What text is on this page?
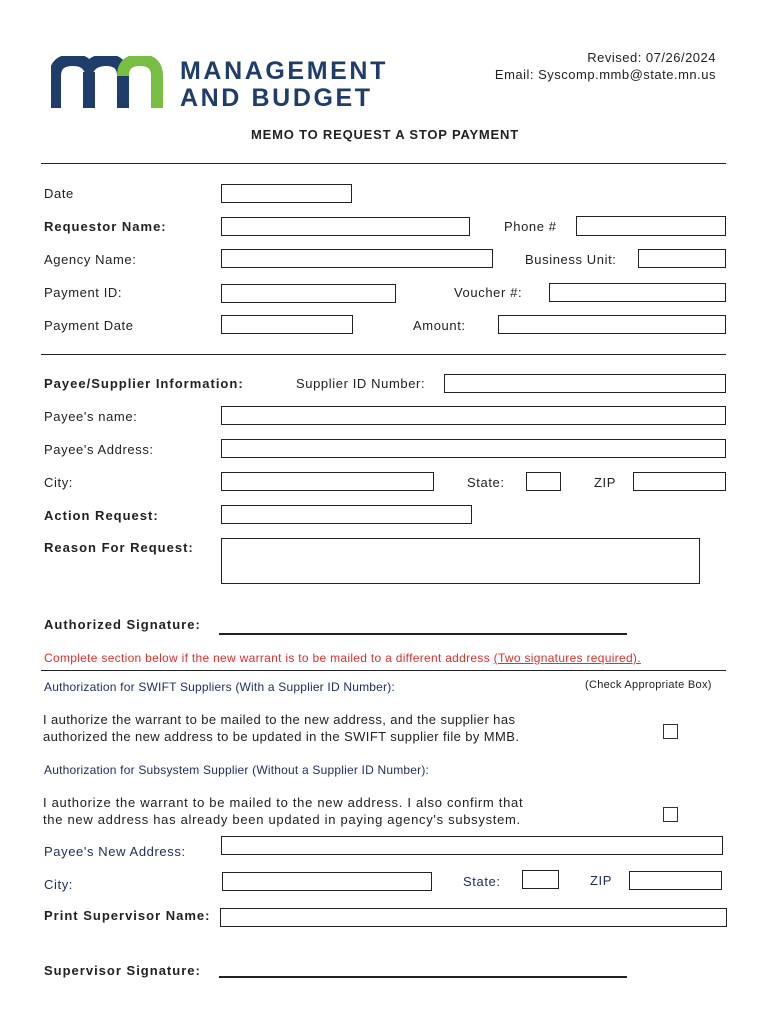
MANAGEMENT
AND BUDGET
Revised: 07/26/2024
Email: Syscomp.mmb@state.mn.us
MEMO TO REQUEST A STOP PAYMENT
Date
Requestor Name:	Phone #
Agency Name:	Business Unit:
Payment ID:	Voucher #:
Payment Date	Amount:
Payee/Supplier Information:	Supplier ID Number:
Payee's name:
Payee's Address:
City:	State:	ZIP
Action Request:
Reason For Request:
Authorized Signature:
Complete section below if the new warrant is to be mailed to a different address (Two signatures required).
Authorization for SWIFT Suppliers (With a Supplier ID Number):	(Check Appropriate Box)
I authorize the warrant to be mailed to the new address, and the supplier has
authorized the new address to be updated in the SWIFT supplier file by MMB.
Authorization for Subsystem Supplier (Without a Supplier ID Number):
I authorize the warrant to be mailed to the new address. I also confirm that
the new address has already been updated in paying agency's subsystem.
Payee's New Address:
City:	State:	ZIP
Print Supervisor Name:
Supervisor Signature:
